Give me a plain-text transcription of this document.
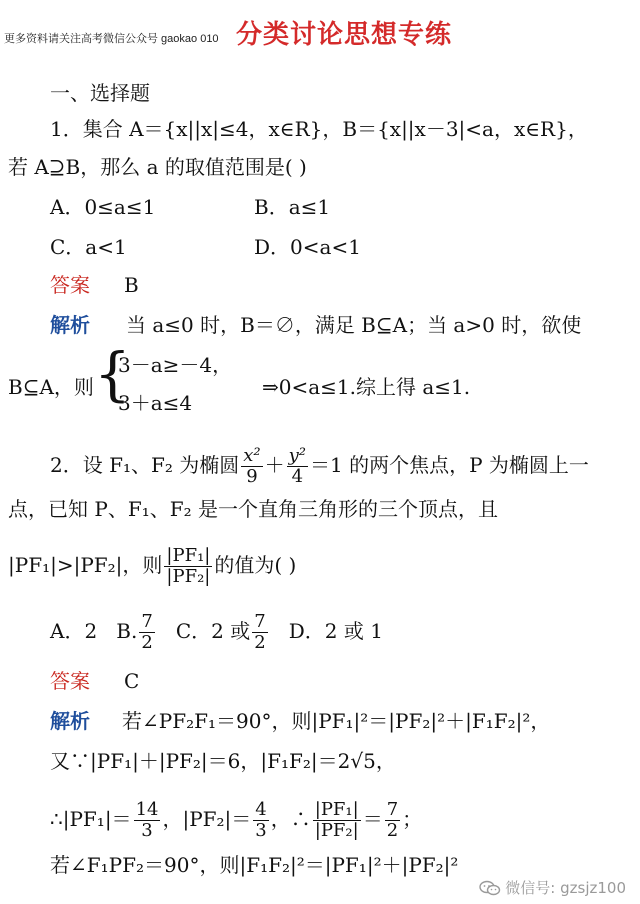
更多资料请关注高考微信公众号 gaokao 010 分类讨论思想专练
一、选择题
1．集合 A＝{x||x|≤4，x∈R}，B＝{x||x－3|<a，x∈R}，
若 A⊇B，那么 a 的取值范围是( )
A．0≤a≤1	B．a≤1
C．a<1	D．0<a<1
答案 B
解析 当 a≤0 时，B＝∅，满足 B⊆A；当 a>0 时，欲使
B⊆A，则 {
3－a≥－4，
3＋a≤4
⇒0<a≤1.综上得 a≤1.
2．设 F₁、F₂ 为椭圆 $\frac{\text{x²}}{9} + \frac{\text{y²}}{4} =1$ 的两个焦点，P 为椭圆上一
点，已知 P、F₁、F₂ 是一个直角三角形的三个顶点，且
|PF₁|>|PF₂|，则 $\frac{\text{|PF₁|}}{\text{|PF₂|}}$ 的值为( )
A．2 B. $\frac{7}{2}$ C．2 或 $\frac{7}{2}$ D．2 或 1
答案 C
解析 若∠PF₂F₁＝90°，则|PF₁|²＝|PF₂|²＋|F₁F₂|²，
又∵|PF₁|＋|PF₂|＝6，|F₁F₂|＝2√5，
∴|PF₁|＝ $\frac{14}{3}$ ，$|PF_2|= \frac{4}{3}$ ，∴ $\frac{\text{|PF₁|}}{\text{|PF₂|}} = \frac{7}{2}$ ；
若∠F₁PF₂＝90°，则|F₁F₂|²＝|PF₁|²＋|PF₂|²
微信号: gzsjz100
